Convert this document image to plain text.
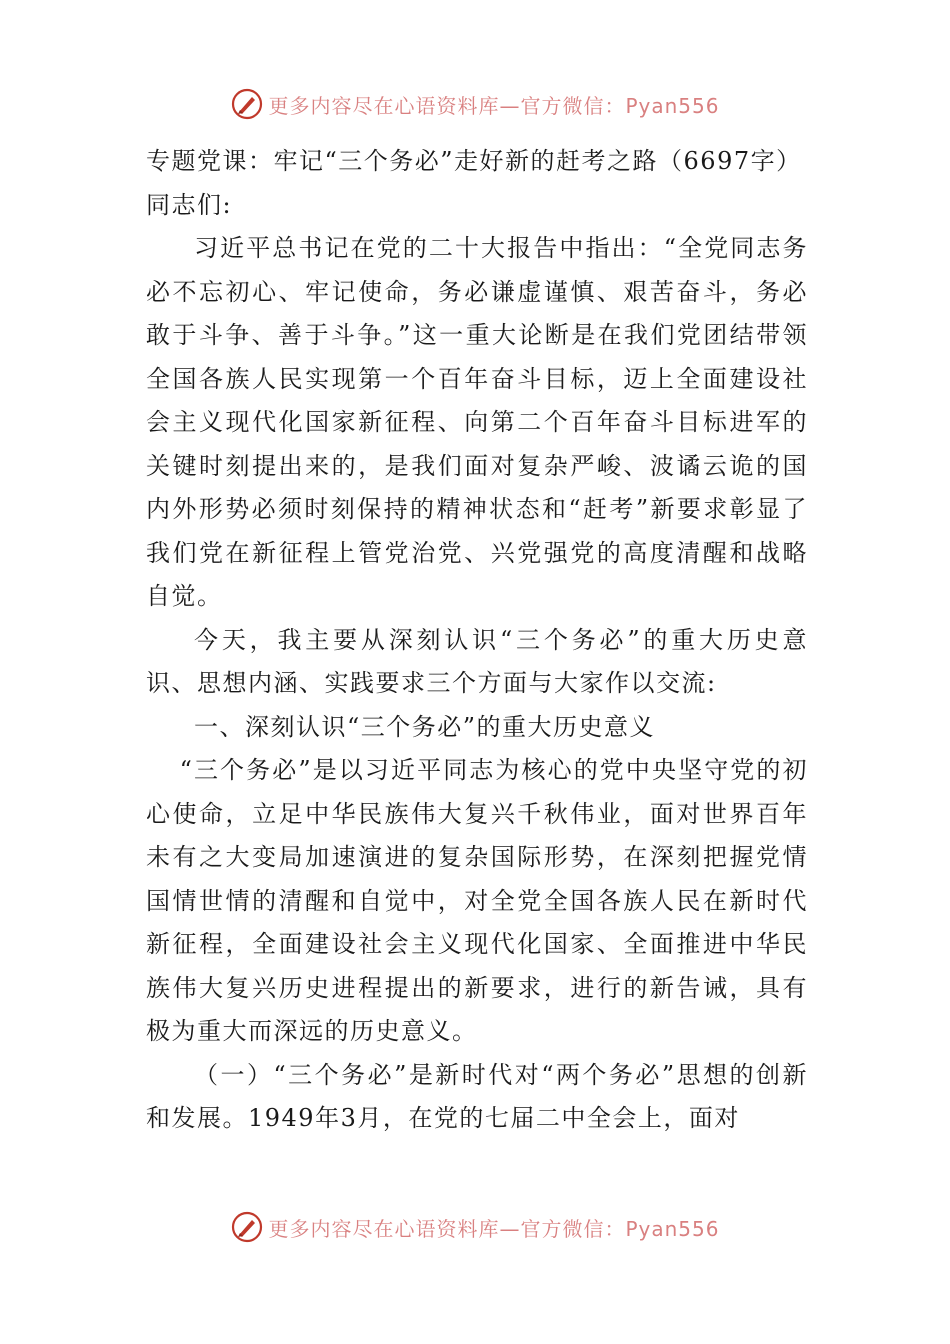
更多内容尽在心语资料库—官方微信：Pyan556

专题党课：牢记“三个务必”走好新的赶考之路（6697字）

同志们:

习近平总书记在党的二十大报告中指出：“全党同志务必不忘初心、牢记使命，务必谦虚谨慎、艰苦奋斗，务必敢于斗争、善于斗争。”这一重大论断是在我们党团结带领全国各族人民实现第一个百年奋斗目标，迈上全面建设社会主义现代化国家新征程、向第二个百年奋斗目标进军的关键时刻提出来的，是我们面对复杂严峻、波谲云诡的国内外形势必须时刻保持的精神状态和“赶考”新要求彰显了我们党在新征程上管党治党、兴党强党的高度清醒和战略自觉。

今天，我主要从深刻认识“三个务必”的重大历史意识、思想内涵、实践要求三个方面与大家作以交流:

一、深刻认识“三个务必”的重大历史意义

“三个务必”是以习近平同志为核心的党中央坚守党的初心使命，立足中华民族伟大复兴千秋伟业，面对世界百年未有之大变局加速演进的复杂国际形势，在深刻把握党情国情世情的清醒和自觉中，对全党全国各族人民在新时代新征程，全面建设社会主义现代化国家、全面推进中华民族伟大复兴历史进程提出的新要求，进行的新告诫，具有极为重大而深远的历史意义。

（一）“三个务必”是新时代对“两个务必”思想的创新和发展。1949年3月，在党的七届二中全会上，面对

更多内容尽在心语资料库—官方微信：Pyan556
